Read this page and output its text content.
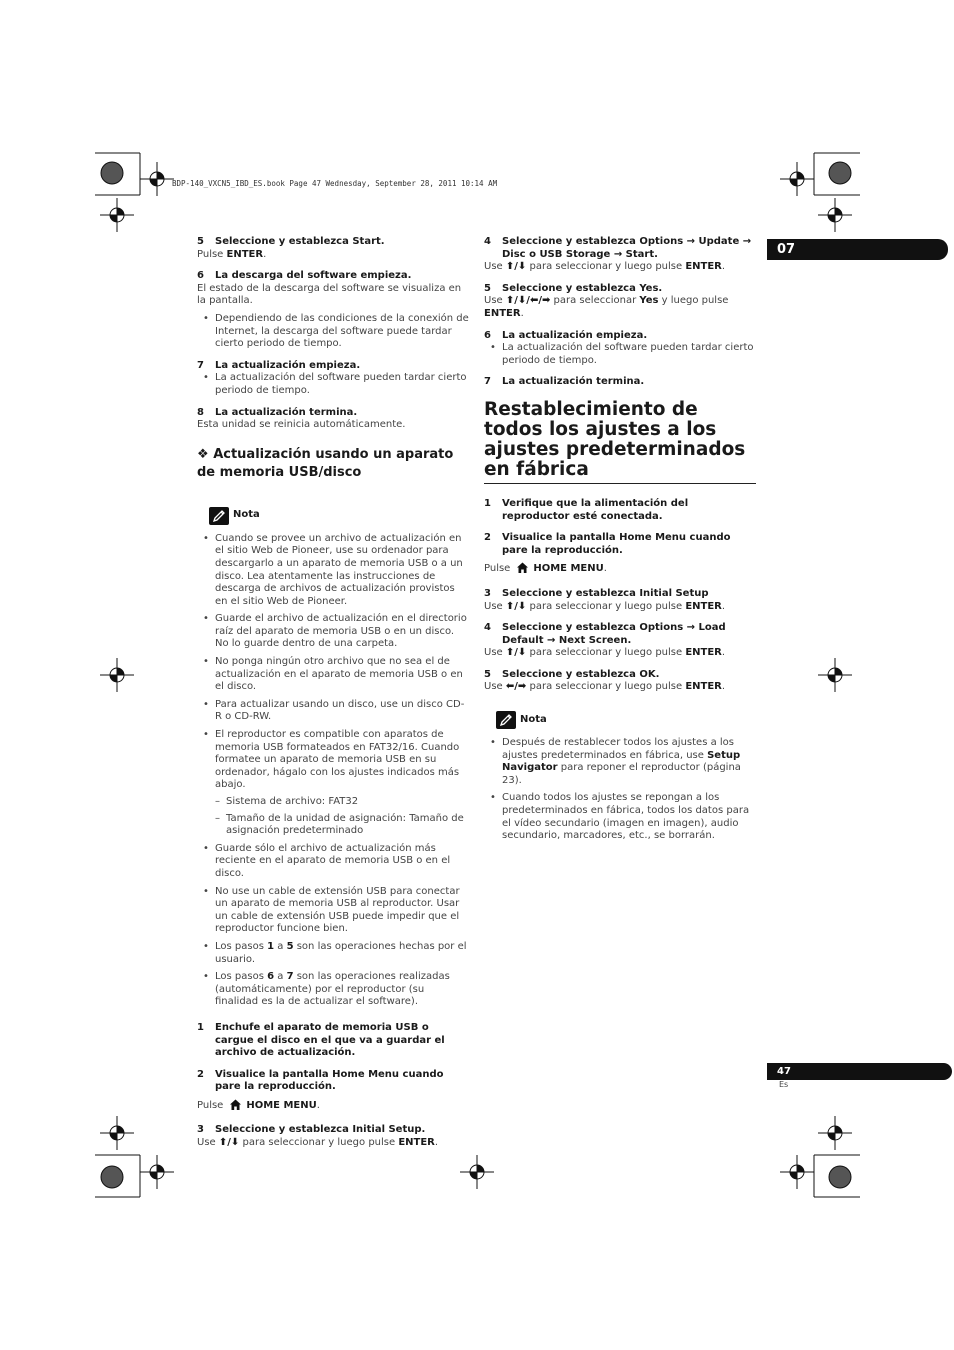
BDP-140_VXCN5_IBD_ES.book Page 47 Wednesday, September 28, 2011 10:14 AM
07
47
Es
5 Seleccione y establezca Start.
Pulse ENTER.
6 La descarga del software empieza.
El estado de la descarga del software se visualiza en la pantalla.
• Dependiendo de las condiciones de la conexión de Internet, la descarga del software puede tardar cierto periodo de tiempo.
7 La actualización empieza.
• La actualización del software pueden tardar cierto periodo de tiempo.
8 La actualización termina.
Esta unidad se reinicia automáticamente.
❖ Actualización usando un aparato de memoria USB/disco
Nota
• Cuando se provee un archivo de actualización en el sitio Web de Pioneer, use su ordenador para descargarlo a un aparato de memoria USB o a un disco. Lea atentamente las instrucciones de descarga de archivos de actualización provistos en el sitio Web de Pioneer.
• Guarde el archivo de actualización en el directorio raíz del aparato de memoria USB o en un disco. No lo guarde dentro de una carpeta.
• No ponga ningún otro archivo que no sea el de actualización en el aparato de memoria USB o en el disco.
• Para actualizar usando un disco, use un disco CD-R o CD-RW.
• El reproductor es compatible con aparatos de memoria USB formateados en FAT32/16. Cuando formatee un aparato de memoria USB en su ordenador, hágalo con los ajustes indicados más abajo.
– Sistema de archivo: FAT32
– Tamaño de la unidad de asignación: Tamaño de asignación predeterminado
• Guarde sólo el archivo de actualización más reciente en el aparato de memoria USB o en el disco.
• No use un cable de extensión USB para conectar un aparato de memoria USB al reproductor. Usar un cable de extensión USB puede impedir que el reproductor funcione bien.
• Los pasos 1 a 5 son las operaciones hechas por el usuario.
• Los pasos 6 a 7 son las operaciones realizadas (automáticamente) por el reproductor (su finalidad es la de actualizar el software).
1 Enchufe el aparato de memoria USB o cargue el disco en el que va a guardar el archivo de actualización.
2 Visualice la pantalla Home Menu cuando pare la reproducción.
Pulse HOME MENU.
3 Seleccione y establezca Initial Setup.
Use ⬆/⬇ para seleccionar y luego pulse ENTER.
4 Seleccione y establezca Options → Update → Disc o USB Storage → Start.
Use ⬆/⬇ para seleccionar y luego pulse ENTER.
5 Seleccione y establezca Yes.
Use ⬆/⬇/⬅/➡ para seleccionar Yes y luego pulse ENTER.
6 La actualización empieza.
• La actualización del software pueden tardar cierto periodo de tiempo.
7 La actualización termina.
Restablecimiento de todos los ajustes a los ajustes predeterminados en fábrica
1 Verifique que la alimentación del reproductor esté conectada.
2 Visualice la pantalla Home Menu cuando pare la reproducción.
Pulse HOME MENU.
3 Seleccione y establezca Initial Setup
Use ⬆/⬇ para seleccionar y luego pulse ENTER.
4 Seleccione y establezca Options → Load Default → Next Screen.
Use ⬆/⬇ para seleccionar y luego pulse ENTER.
5 Seleccione y establezca OK.
Use ⬅/➡ para seleccionar y luego pulse ENTER.
Nota
• Después de restablecer todos los ajustes a los ajustes predeterminados en fábrica, use Setup Navigator para reponer el reproductor (página 23).
• Cuando todos los ajustes se repongan a los predeterminados en fábrica, todos los datos para el vídeo secundario (imagen en imagen), audio secundario, marcadores, etc., se borrarán.
